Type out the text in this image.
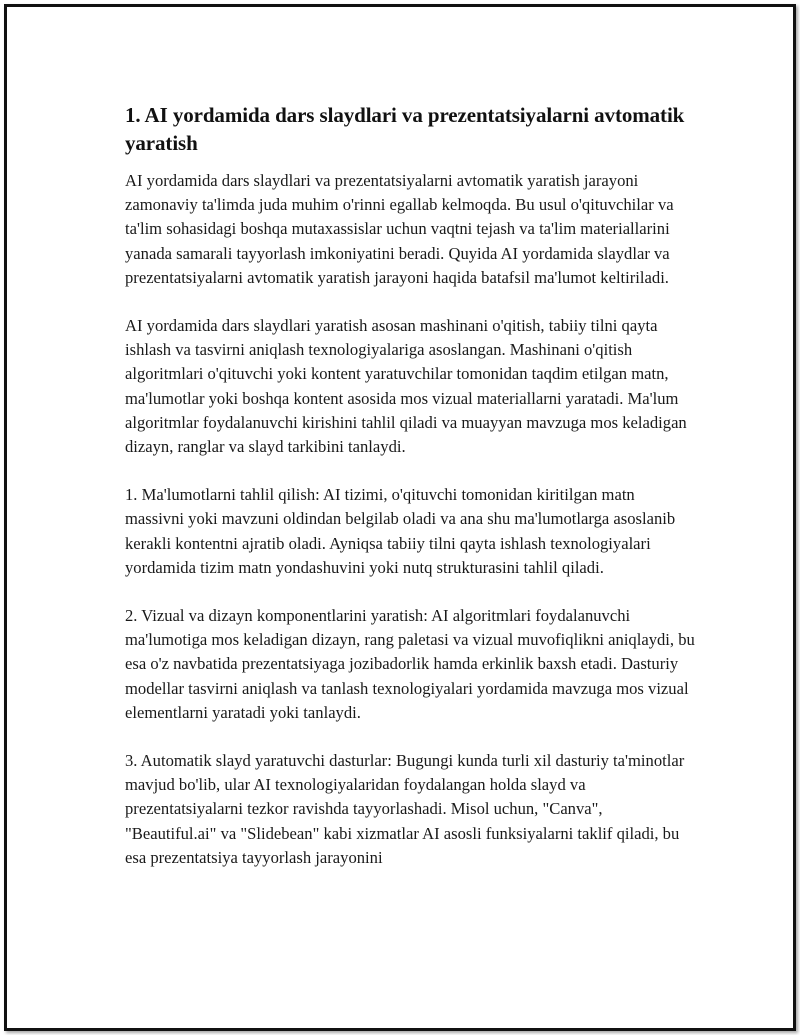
1. AI yordamida dars slaydlari va prezentatsiyalarni avtomatik yaratish

AI yordamida dars slaydlari va prezentatsiyalarni avtomatik yaratish jarayoni zamonaviy ta'limda juda muhim o'rinni egallab kelmoqda. Bu usul o'qituvchilar va ta'lim sohasidagi boshqa mutaxassislar uchun vaqtni tejash va ta'lim materiallarini yanada samarali tayyorlash imkoniyatini beradi. Quyida AI yordamida slaydlar va prezentatsiyalarni avtomatik yaratish jarayoni haqida batafsil ma'lumot keltiriladi.

AI yordamida dars slaydlari yaratish asosan mashinani o'qitish, tabiiy tilni qayta ishlash va tasvirni aniqlash texnologiyalariga asoslangan. Mashinani o'qitish algoritmlari o'qituvchi yoki kontent yaratuvchilar tomonidan taqdim etilgan matn, ma'lumotlar yoki boshqa kontent asosida mos vizual materiallarni yaratadi. Ma'lum algoritmlar foydalanuvchi kirishini tahlil qiladi va muayyan mavzuga mos keladigan dizayn, ranglar va slayd tarkibini tanlaydi.

1. Ma'lumotlarni tahlil qilish: AI tizimi, o'qituvchi tomonidan kiritilgan matn massivni yoki mavzuni oldindan belgilab oladi va ana shu ma'lumotlarga asoslanib kerakli kontentni ajratib oladi. Ayniqsa tabiiy tilni qayta ishlash texnologiyalari yordamida tizim matn yondashuvini yoki nutq strukturasini tahlil qiladi.

2. Vizual va dizayn komponentlarini yaratish: AI algoritmlari foydalanuvchi ma'lumotiga mos keladigan dizayn, rang paletasi va vizual muvofiqlikni aniqlaydi, bu esa o'z navbatida prezentatsiyaga jozibadorlik hamda erkinlik baxsh etadi. Dasturiy modellar tasvirni aniqlash va tanlash texnologiyalari yordamida mavzuga mos vizual elementlarni yaratadi yoki tanlaydi.

3. Automatik slayd yaratuvchi dasturlar: Bugungi kunda turli xil dasturiy ta'minotlar mavjud bo'lib, ular AI texnologiyalaridan foydalangan holda slayd va prezentatsiyalarni tezkor ravishda tayyorlashadi. Misol uchun, "Canva", "Beautiful.ai" va "Slidebean" kabi xizmatlar AI asosli funksiyalarni taklif qiladi, bu esa prezentatsiya tayyorlash jarayonini
